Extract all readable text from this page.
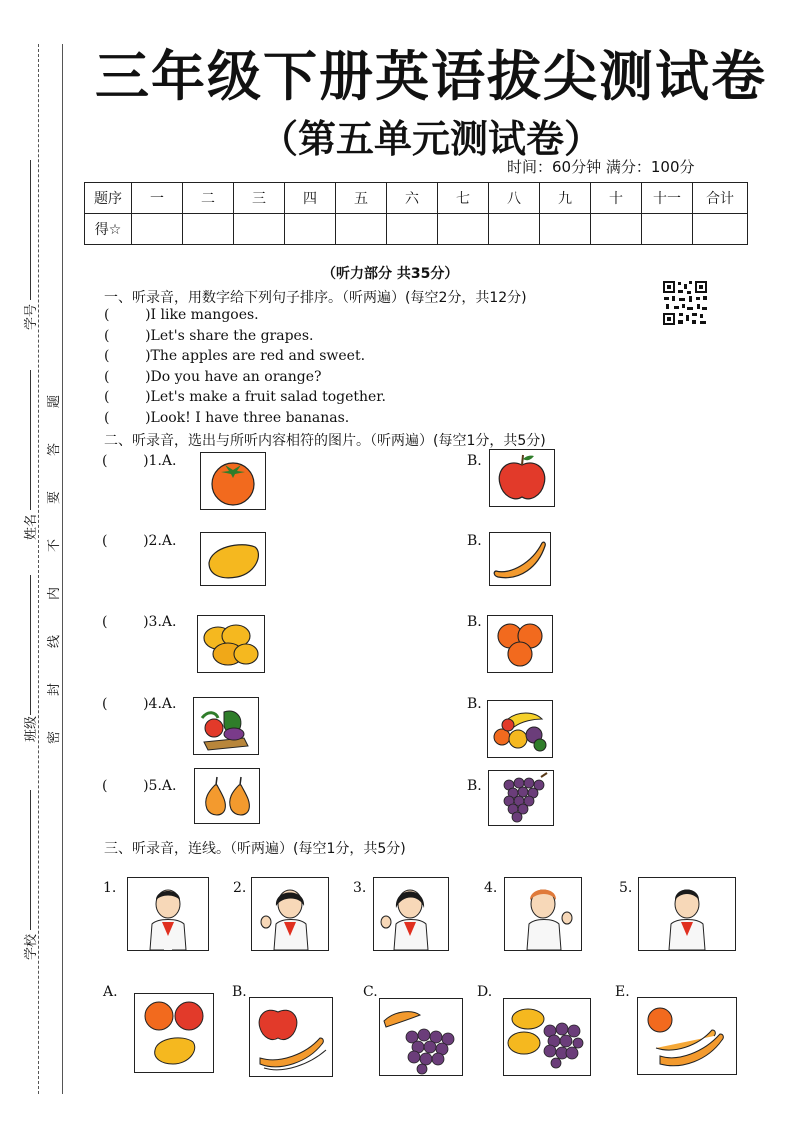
学号
姓名
班级
学校
密
封
线
内
不
要
答
题
三年级下册英语拔尖测试卷
（第五单元测试卷）
时间：60分钟 满分：100分
题序	一	二	三	四	五	六	七	八	九	十	十一	合计
得☆												
（听力部分 共35分）
一、听录音，用数字给下列句子排序。（听两遍）(每空2分，共12分)
(        )I like mangoes.
(        )Let's share the grapes.
(        )The apples are red and sweet.
(        )Do you have an orange?
(        )Let's make a fruit salad together.
(        )Look! I have three bananas.
二、听录音，选出与所听内容相符的图片。（听两遍）(每空1分，共5分)
(        )1.A.	B.
(        )2.A.	B.
(        )3.A.	B.
(        )4.A.	B.
(        )5.A.	B.
三、听录音，连线。（听两遍）(每空1分，共5分)
1.	2.	3.	4.	5.
A.	B.	C.	D.	E.
